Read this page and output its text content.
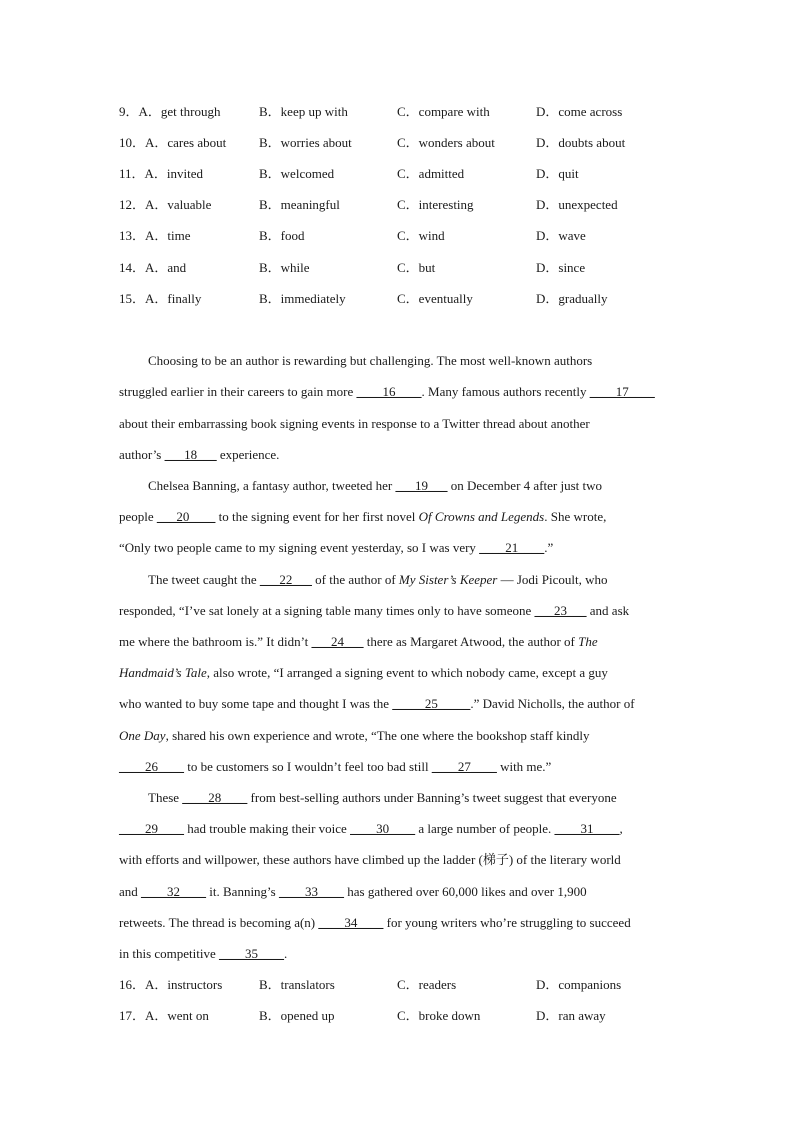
9．A．get through	B．keep up with	C．compare with	D．come across
10．A．cares about	B．worries about	C．wonders about	D．doubts about
11．A．invited	B．welcomed	C．admitted	D．quit
12．A．valuable	B．meaningful	C．interesting	D．unexpected
13．A．time	B．food	C．wind	D．wave
14．A．and	B．while	C．but	D．since
15．A．finally	B．immediately	C．eventually	D．gradually
Choosing to be an author is rewarding but challenging. The most well-known authors
struggled earlier in their careers to gain more ____16____. Many famous authors recently ____17____
about their embarrassing book signing events in response to a Twitter thread about another
author’s ___18___ experience.
Chelsea Banning, a fantasy author, tweeted her ___19___ on December 4 after just two
people ___20____ to the signing event for her first novel Of Crowns and Legends. She wrote,
“Only two people came to my signing event yesterday, so I was very ____21____.”
The tweet caught the ___22___ of the author of My Sister’s Keeper — Jodi Picoult, who
responded, “I’ve sat lonely at a signing table many times only to have someone ___23___ and ask
me where the bathroom is.” It didn’t ___24___ there as Margaret Atwood, the author of The
Handmaid’s Tale, also wrote, “I arranged a signing event to which nobody came, except a guy
who wanted to buy some tape and thought I was the _____25_____.” David Nicholls, the author of
One Day, shared his own experience and wrote, “The one where the bookshop staff kindly
____26____ to be customers so I wouldn’t feel too bad still ____27____ with me.”
These ____28____ from best-selling authors under Banning’s tweet suggest that everyone
____29____ had trouble making their voice ____30____ a large number of people. ____31____,
with efforts and willpower, these authors have climbed up the ladder (梯子) of the literary world
and ____32____ it. Banning’s ____33____ has gathered over 60,000 likes and over 1,900
retweets. The thread is becoming a(n) ____34____ for young writers who’re struggling to succeed
in this competitive ____35____.
16．A．instructors	B．translators	C．readers	D．companions
17．A．went on	B．opened up	C．broke down	D．ran away
